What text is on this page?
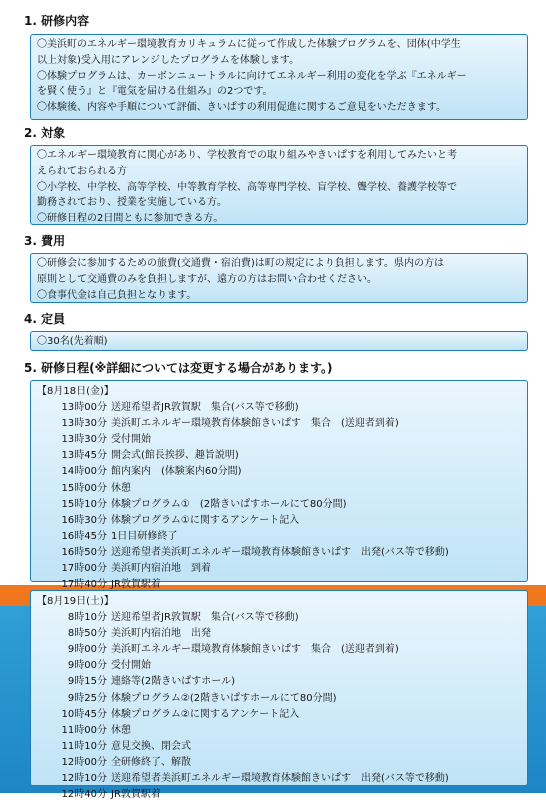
1. 研修内容

〇美浜町のエネルギー環境教育カリキュラムに従って作成した体験プログラムを、団体(中学生

以上対象)受入用にアレンジしたプログラムを体験します。

〇体験プログラムは、カーボンニュートラルに向けてエネルギー利用の変化を学ぶ『エネルギー

を賢く使う』と『電気を届ける仕組み』の2つです。

〇体験後、内容や手順について評価、きいぱすの利用促進に関するご意見をいただきます。

2. 対象

〇エネルギー環境教育に関心があり、学校教育での取り組みやきいぱすを利用してみたいと考

えられておられる方

〇小学校、中学校、高等学校、中等教育学校、高等専門学校、盲学校、聾学校、養護学校等で

勤務されており、授業を実施している方。

〇研修日程の2日間ともに参加できる方。

3. 費用

〇研修会に参加するための旅費(交通費・宿泊費)は町の規定により負担します。県内の方は

原則として交通費のみを負担しますが、遠方の方はお問い合わせください。

〇食事代金は自己負担となります。

4. 定員

〇30名(先着順)

5. 研修日程(※詳細については変更する場合があります。)

【8月18日(金)】

13時00分 送迎希望者JR敦賀駅　集合(バス等で移動)
13時30分 美浜町エネルギー環境教育体験館きいぱす　集合　(送迎者到着)
13時30分 受付開始
13時45分 開会式(館長挨拶、趣旨説明)
14時00分 館内案内　(体験案内60分間)
15時00分 休憩
15時10分 体験プログラム①　(2階きいぱすホールにて80分間)
16時30分 体験プログラム①に関するアンケート記入
16時45分 1日目研修終了
16時50分 送迎希望者美浜町エネルギー環境教育体験館きいぱす　出発(バス等で移動)
17時00分 美浜町内宿泊地　到着
17時40分 JR敦賀駅着

【8月19日(土)】

8時10分 送迎希望者JR敦賀駅　集合(バス等で移動)
8時50分 美浜町内宿泊地　出発
9時00分 美浜町エネルギー環境教育体験館きいぱす　集合　(送迎者到着)
9時00分 受付開始
9時15分 連絡等(2階きいぱすホール)
9時25分 体験プログラム②(2階きいぱすホールにて80分間)
10時45分 体験プログラム②に関するアンケート記入
11時00分 休憩
11時10分 意見交換、閉会式
12時00分 全研修終了、解散
12時10分 送迎希望者美浜町エネルギー環境教育体験館きいぱす　出発(バス等で移動)
12時40分 JR敦賀駅着
